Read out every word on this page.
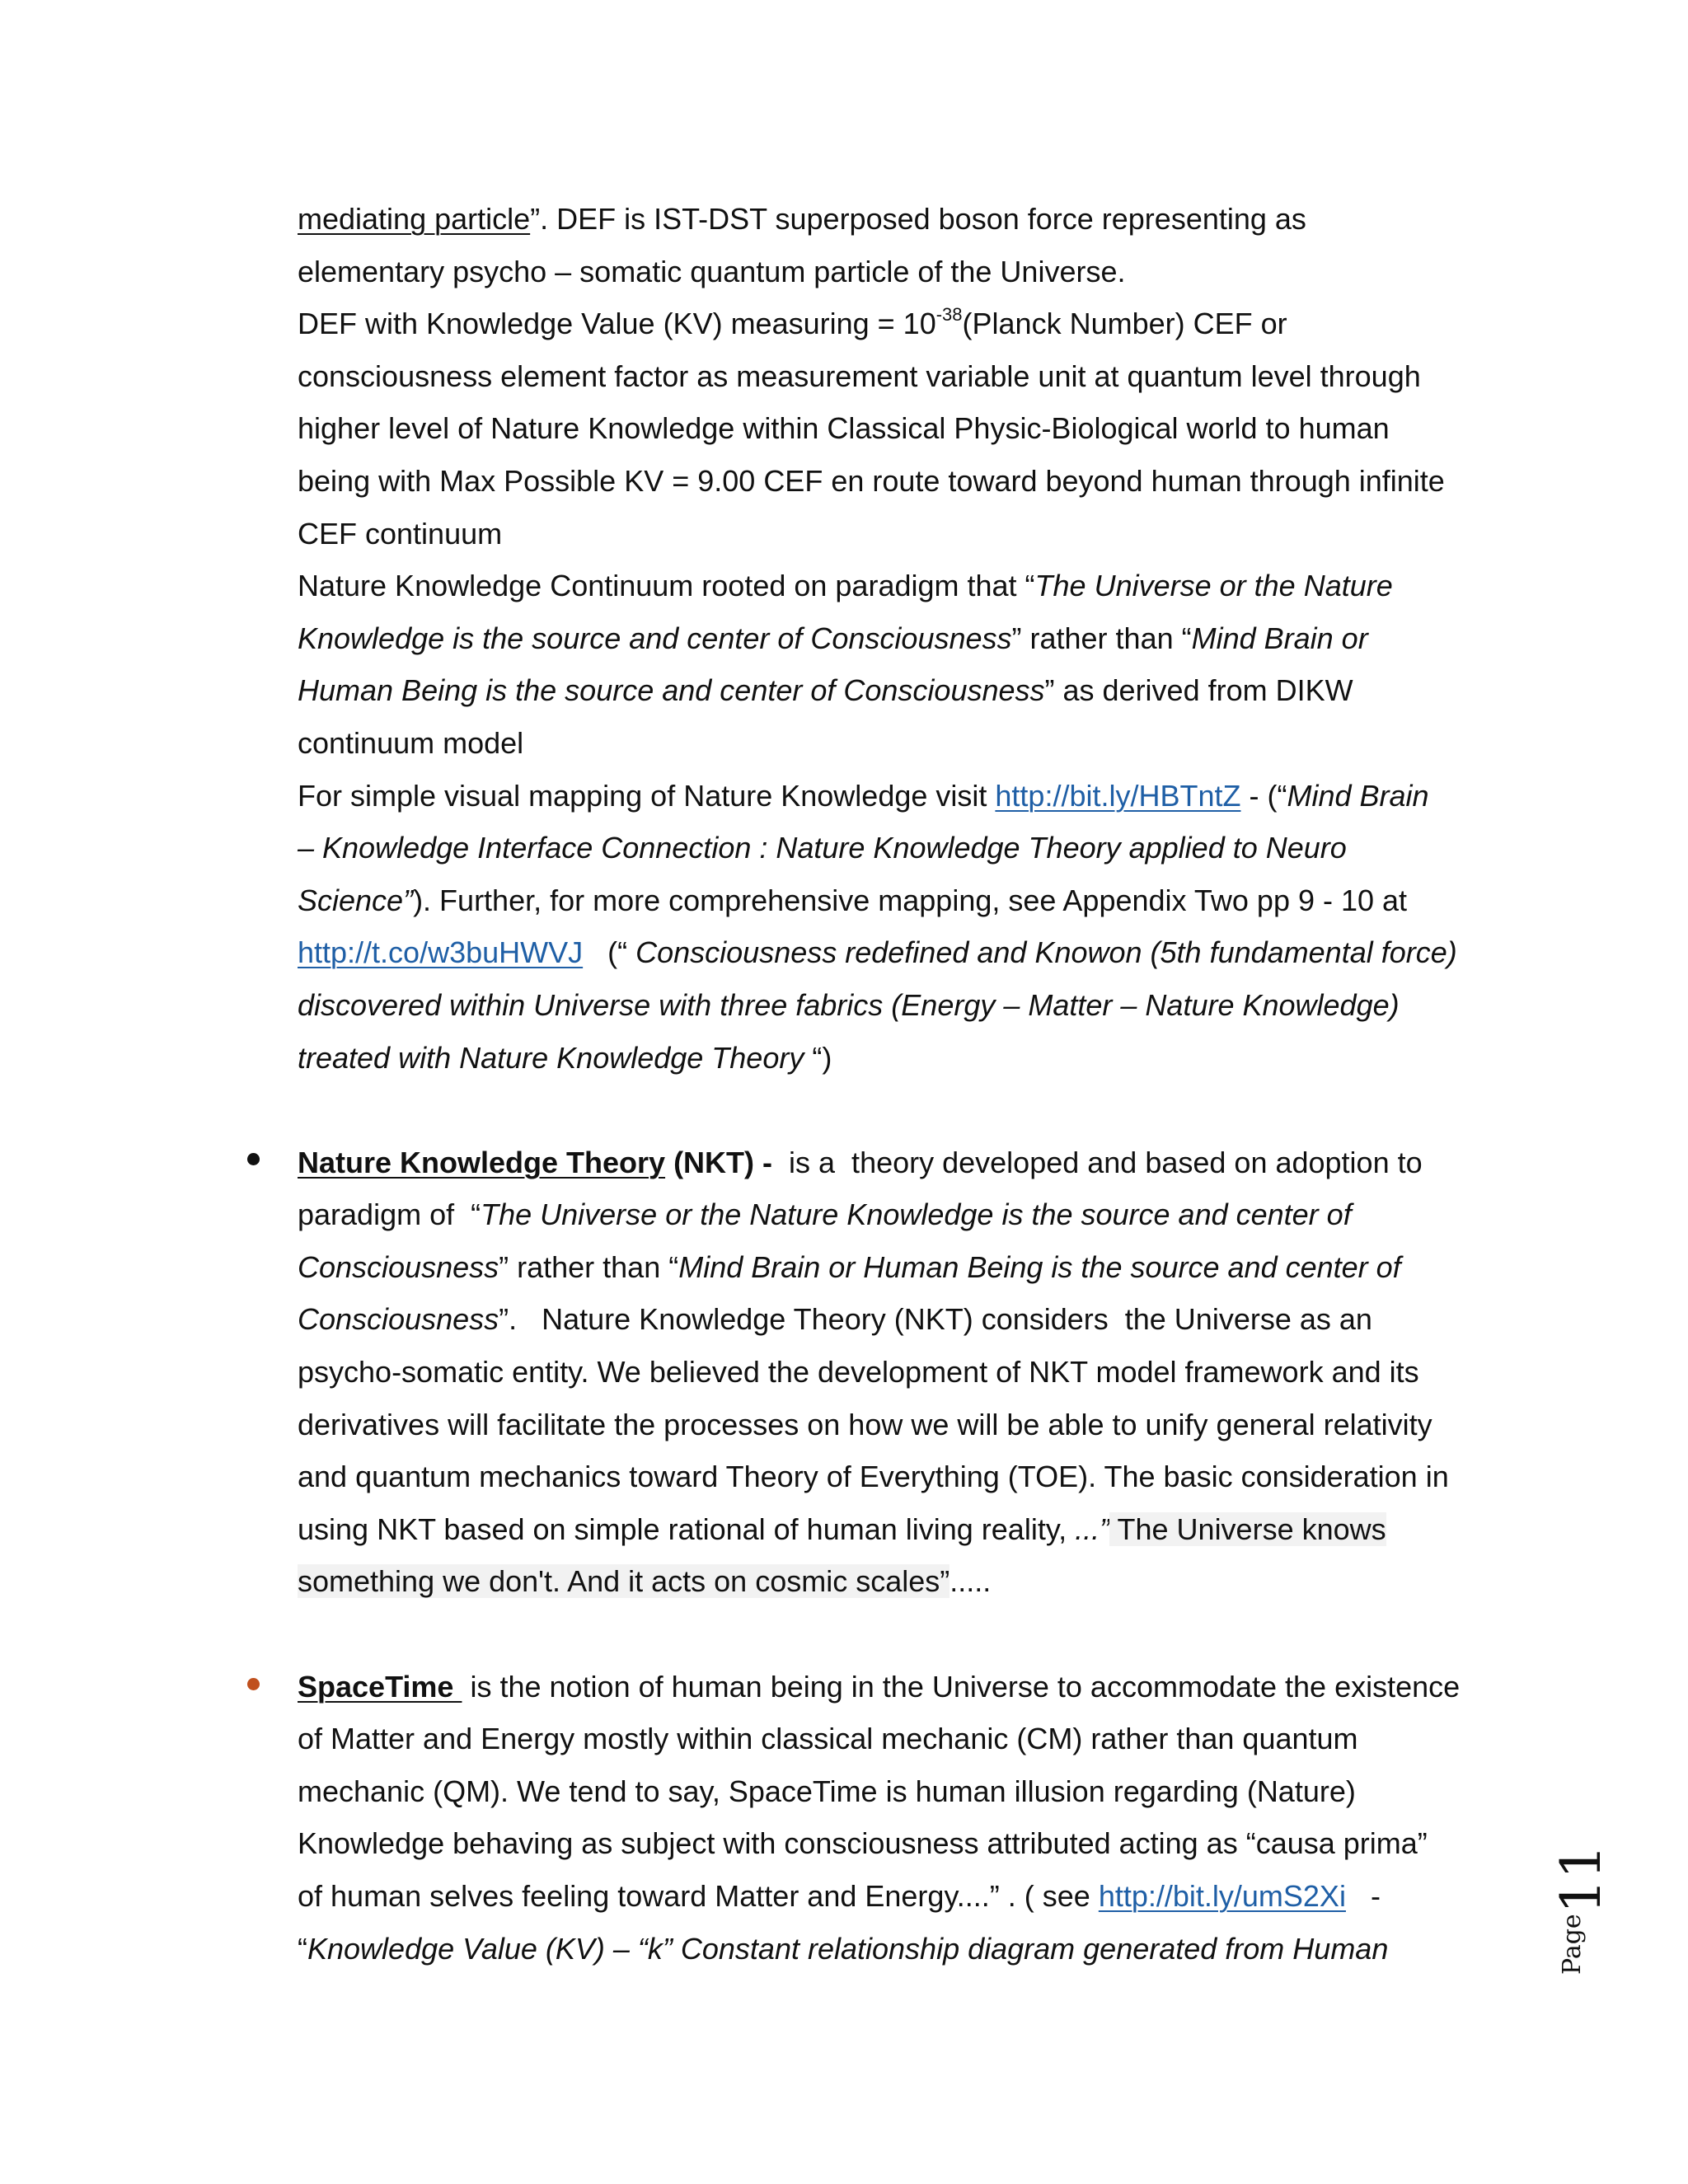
mediating particle”. DEF is IST-DST superposed boson force representing as
elementary psycho – somatic quantum particle of the Universe.
DEF with Knowledge Value (KV) measuring = $10^{-38}(Planck$ Number) CEF or
consciousness element factor as measurement variable unit at quantum level through
higher level of Nature Knowledge within Classical Physic-Biological world to human
being with Max Possible KV = 9.00 CEF en route toward beyond human through infinite
CEF continuum
Nature Knowledge Continuum rooted on paradigm that “The Universe or the Nature
Knowledge is the source and center of Consciousness” rather than “Mind Brain or
Human Being is the source and center of Consciousness” as derived from DIKW
continuum model
For simple visual mapping of Nature Knowledge visit http://bit.ly/HBTntZ - (“Mind Brain
– Knowledge Interface Connection : Nature Knowledge Theory applied to Neuro
Science”). Further, for more comprehensive mapping, see Appendix Two pp 9 - 10 at
http://t.co/w3buHWVJ   (“ Consciousness redefined and Knowon (5th fundamental force)
discovered within Universe with three fabrics (Energy – Matter – Nature Knowledge)
treated with Nature Knowledge Theory “)
Nature Knowledge Theory (NKT) -  is a  theory developed and based on adoption to
paradigm of  “The Universe or the Nature Knowledge is the source and center of
Consciousness” rather than “Mind Brain or Human Being is the source and center of
Consciousness”.   Nature Knowledge Theory (NKT) considers  the Universe as an
psycho-somatic entity. We believed the development of NKT model framework and its
derivatives will facilitate the processes on how we will be able to unify general relativity
and quantum mechanics toward Theory of Everything (TOE). The basic consideration in
using NKT based on simple rational of human living reality, ...” The Universe knows
something we don't. And it acts on cosmic scales”.....
SpaceTime  is the notion of human being in the Universe to accommodate the existence
of Matter and Energy mostly within classical mechanic (CM) rather than quantum
mechanic (QM). We tend to say, SpaceTime is human illusion regarding (Nature)
Knowledge behaving as subject with consciousness attributed acting as “causa prima”
of human selves feeling toward Matter and Energy....” . ( see http://bit.ly/umS2Xi   -
“Knowledge Value (KV) – “k” Constant relationship diagram generated from Human
11
Page
